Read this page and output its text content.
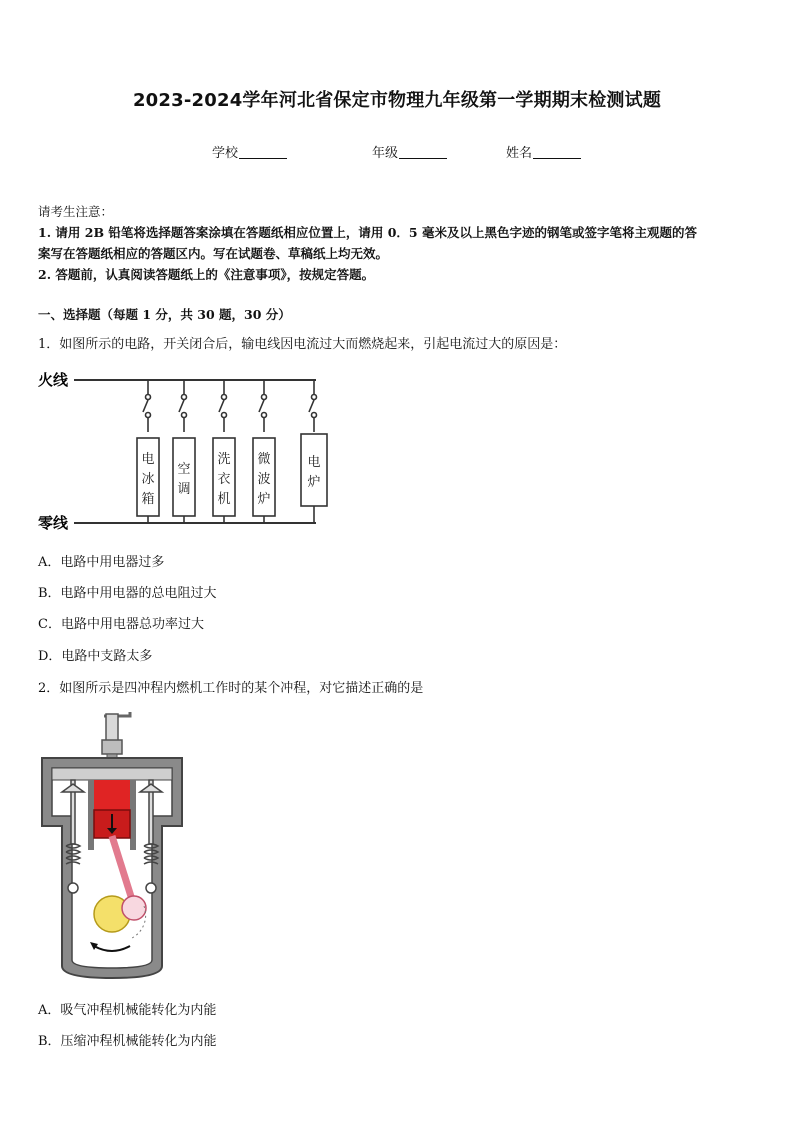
2023-2024学年河北省保定市物理九年级第一学期期末检测试题
学校	年级	姓名
请考生注意：
1. 请用 2B 铅笔将选择题答案涂填在答题纸相应位置上，请用 0．5 毫米及以上黑色字迹的钢笔或签字笔将主观题的答
案写在答题纸相应的答题区内。写在试题卷、草稿纸上均无效。
2. 答题前，认真阅读答题纸上的《注意事项》，按规定答题。
一、选择题（每题 1 分，共 30 题，30 分）
1．如图所示的电路，开关闭合后，输电线因电流过大而燃烧起来，引起电流过大的原因是：
火线
零线
电
冰
箱
空
调
洗
衣
机
微
波
炉
电
炉
A．电路中用电器过多
B．电路中用电器的总电阻过大
C．电路中用电器总功率过大
D．电路中支路太多
2．如图所示是四冲程内燃机工作时的某个冲程，对它描述正确的是
A．吸气冲程机械能转化为内能
B．压缩冲程机械能转化为内能
